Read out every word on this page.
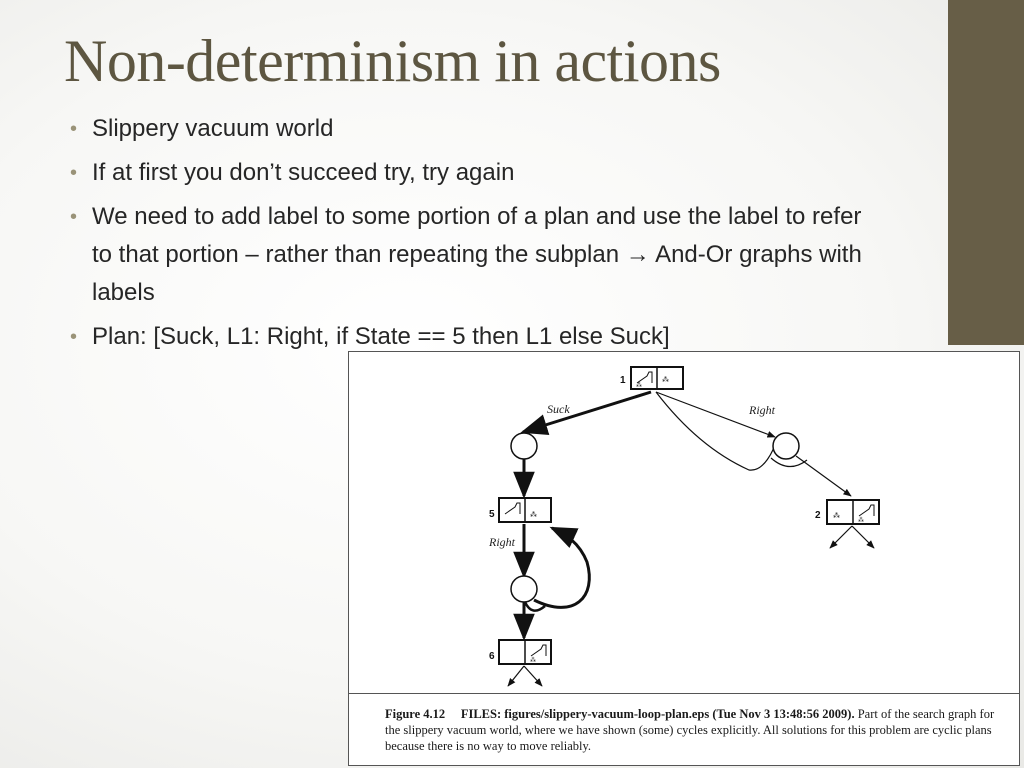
Non-determinism in actions
• Slippery vacuum world
• If at first you don’t succeed try, try again
• We need to add label to some portion of a plan and use the label to refer to that portion – rather than repeating the subplan → And-Or graphs with labels
• Plan: [Suck, L1: Right, if State == 5 then L1 else Suck]
⁂
⁂
1
Suck	Right
⁂
5
Right
⁂
6
⁂
⁂
2
Figure 4.12 FILES: figures/slippery-vacuum-loop-plan.eps (Tue Nov 3 13:48:56 2009). Part of the search graph for the slippery vacuum world, where we have shown (some) cycles explicitly. All solutions for this problem are cyclic plans because there is no way to move reliably.
